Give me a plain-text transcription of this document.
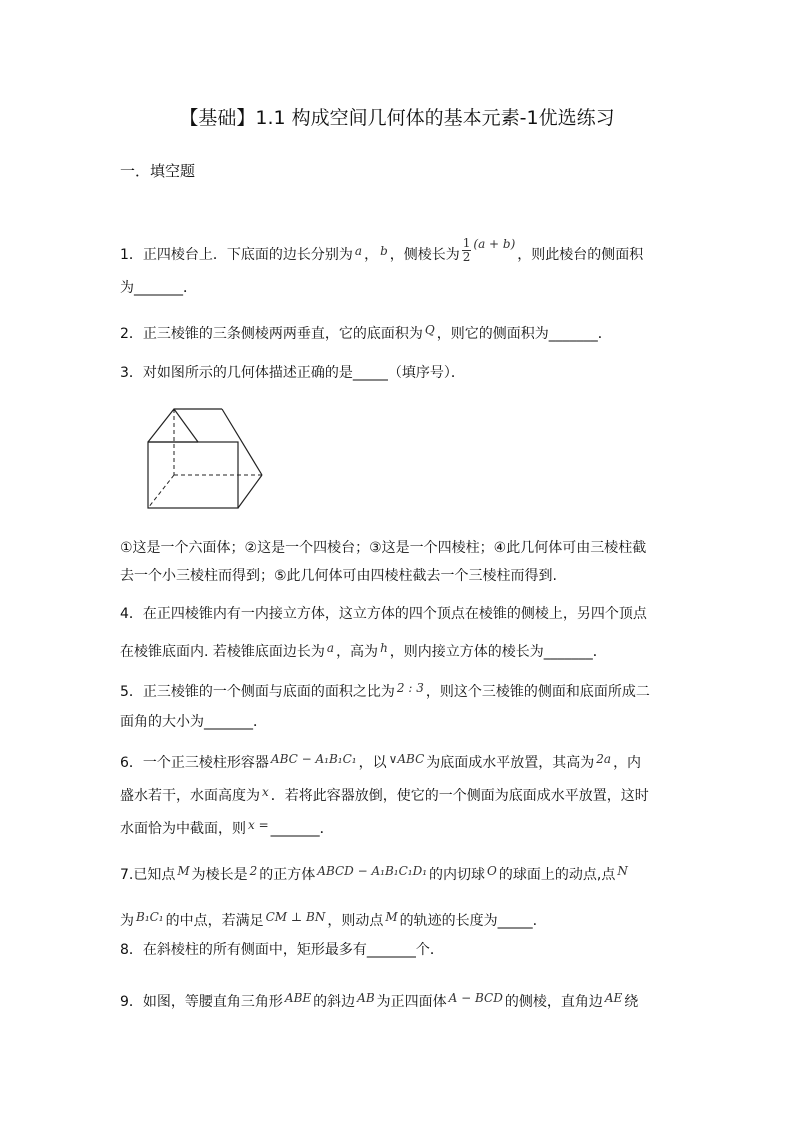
【基础】1.1 构成空间几何体的基本元素-1优选练习
一．填空题
1．正四棱台上．下底面的边长分别为 a ， b ，侧棱长为 $\frac{1}{2} (a + b)$，则此棱台的侧面积
为_______．
2．正三棱锥的三条侧棱两两垂直，它的底面积为 Q ，则它的侧面积为_______．
3．对如图所示的几何体描述正确的是_____（填序号）．
①这是一个六面体；②这是一个四棱台；③这是一个四棱柱；④此几何体可由三棱柱截
去一个小三棱柱而得到；⑤此几何体可由四棱柱截去一个三棱柱而得到.
4．在正四棱锥内有一内接立方体，这立方体的四个顶点在棱锥的侧棱上，另四个顶点
在棱锥底面内. 若棱锥底面边长为 a ，高为 h ，则内接立方体的棱长为_______．
5．正三棱锥的一个侧面与底面的面积之比为 2 : 3 ，则这个三棱锥的侧面和底面所成二
面角的大小为_______．
6．一个正三棱柱形容器 ABC − A₁B₁C₁ ，以 ∨ABC 为底面成水平放置，其高为 2a ，内
盛水若干，水面高度为 x ．若将此容器放倒，使它的一个侧面为底面成水平放置，这时
水面恰为中截面，则 x = _______．
7.已知点 M 为棱长是 2 的正方体 ABCD − A₁B₁C₁D₁ 的内切球 O 的球面上的动点,点 N
为 B₁C₁ 的中点，若满足 CM ⊥ BN ，则动点 M 的轨迹的长度为_____.
8．在斜棱柱的所有侧面中，矩形最多有_______个．
9．如图，等腰直角三角形 ABE 的斜边 AB 为正四面体 A − BCD 的侧棱，直角边 AE 绕
